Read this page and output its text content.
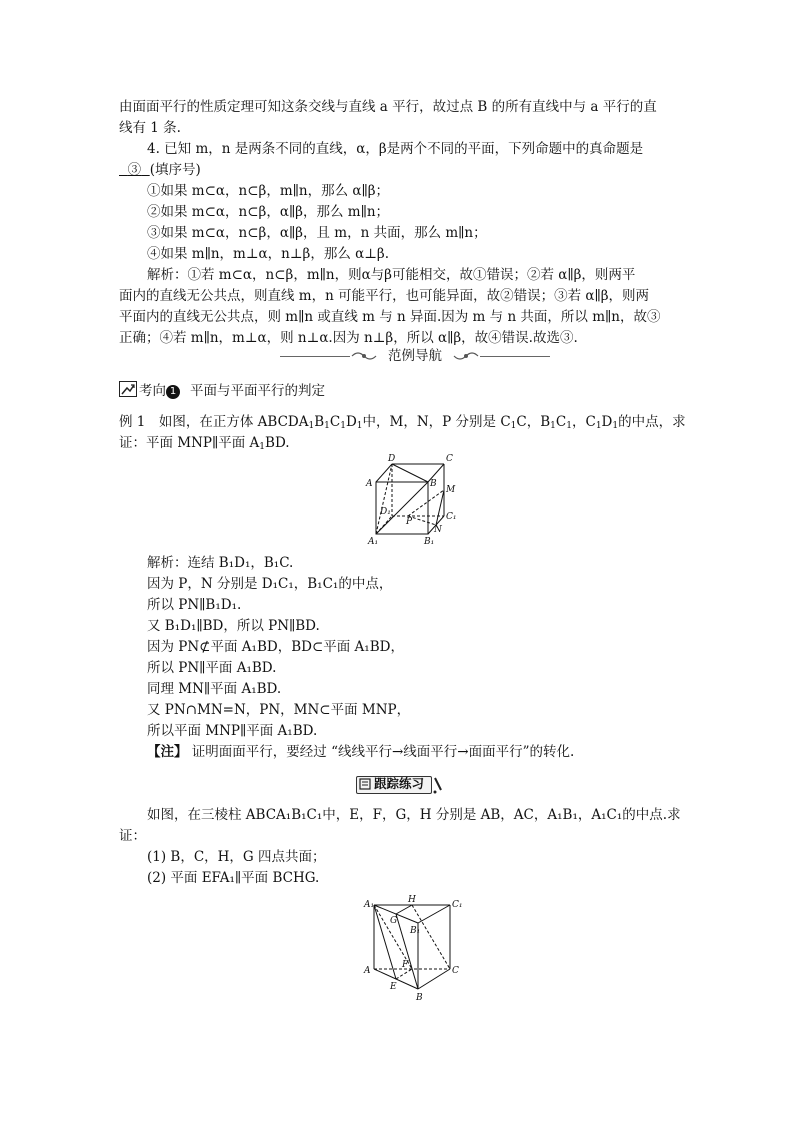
由面面平行的性质定理可知这条交线与直线 a 平行，故过点 B 的所有直线中与 a 平行的直
线有 1 条.
4. 已知 m，n 是两条不同的直线，α，β是两个不同的平面，下列命题中的真命题是
③ (填序号)
①如果 m⊂α，n⊂β，m∥n，那么 α∥β；
②如果 m⊂α，n⊂β，α∥β，那么 m∥n；
③如果 m⊂α，n⊂β，α∥β，且 m，n 共面，那么 m∥n；
④如果 m∥n，m⊥α，n⊥β，那么 α⊥β.
解析：①若 m⊂α，n⊂β，m∥n，则α与β可能相交，故①错误；②若 α∥β，则两平
面内的直线无公共点，则直线 m，n 可能平行，也可能异面，故②错误；③若 α∥β，则两
平面内的直线无公共点，则 m∥n 或直线 m 与 n 异面.因为 m 与 n 共面，所以 m∥n，故③
正确；④若 m∥n，m⊥α，则 n⊥α.因为 n⊥β，所以 α∥β，故④错误.故选③.
范例导航
考向 1 平面与平面平行的判定
例 1　如图，在正方体 $ABCDA_1B_1C_1D_1$中，M，N，P 分别是 $C_1C$，$B_1C_1$，$C_1D_1$的中点，求
证：平面 MNP∥平面 $A_1BD$.
D	C
A	B
M
D₁
P	C₁
N
A₁	B₁
解析：连结 B₁D₁，B₁C.
因为 P，N 分别是 D₁C₁，B₁C₁的中点，
所以 PN∥B₁D₁.
又 B₁D₁∥BD，所以 PN∥BD.
因为 PN⊄平面 A₁BD，BD⊂平面 A₁BD，
所以 PN∥平面 A₁BD.
同理 MN∥平面 A₁BD.
又 PN∩MN=N，PN，MN⊂平面 MNP，
所以平面 MNP∥平面 A₁BD.
【注】 证明面面平行，要经过 “线线平行→线面平行→面面平行”的转化.
跟踪练习
如图，在三棱柱 ABCA₁B₁C₁中，E，F，G，H 分别是 AB，AC，A₁B₁，A₁C₁的中点.求
证：
(1) B，C，H，G 四点共面；
(2) 平面 EFA₁∥平面 BCHG.
A₁	H	C₁
G
B₁
F
A	C
E
B
